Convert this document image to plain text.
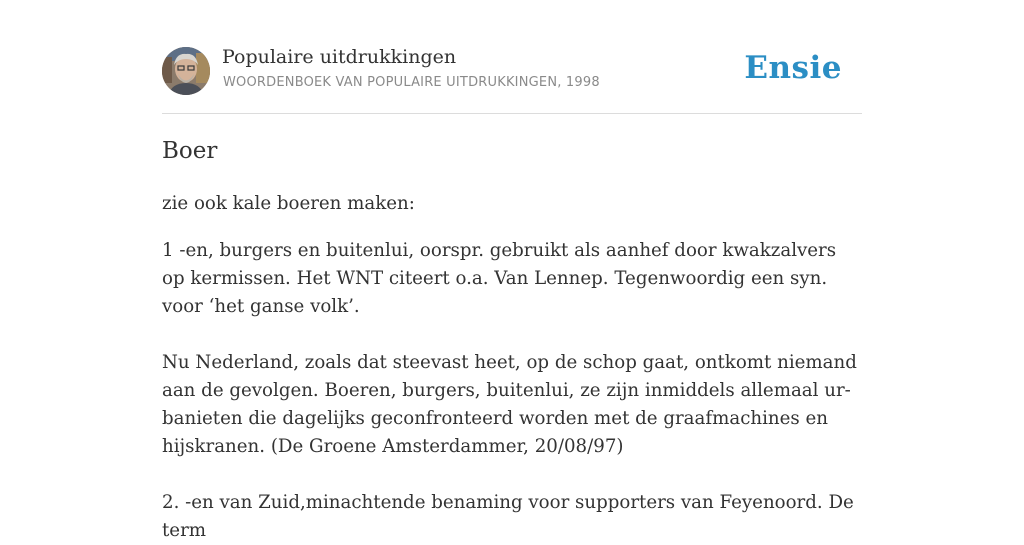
Populaire uitdrukkingen
WOORDENBOEK VAN POPULAIRE UITDRUKKINGEN, 1998	Ensie
Boer

zie ook kale boeren maken:

1 -en, burgers en buitenlui, oorspr. gebruikt als aanhef door kwakzalvers op kermissen. Het WNT citeert o.a. Van Lennep. Tegenwoordig een syn. voor ‘het ganse volk’.

Nu Nederland, zoals dat steevast heet, op de schop gaat, ontkomt niemand aan de gevolgen. Boeren, burgers, buitenlui, ze zijn inmiddels allemaal ur- banieten die dagelijks geconfronteerd worden met de graafmachines en hijskranen. (De Groene Amsterdammer, 20/08/97)

2. -en van Zuid,minachtende benaming voor supporters van Feyenoord. De term
